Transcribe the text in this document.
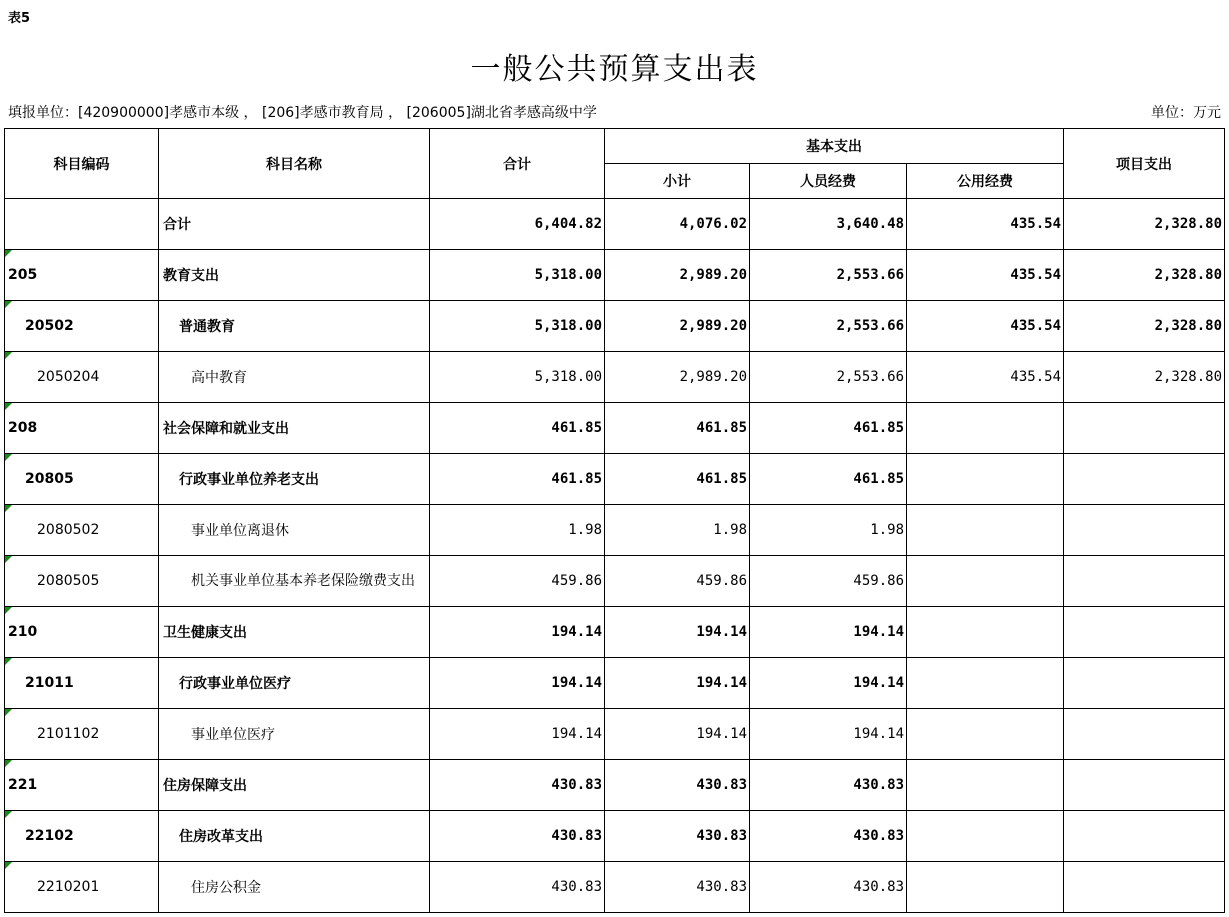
表5
一般公共预算支出表
填报单位：[420900000]孝感市本级 ， [206]孝感市教育局 ， [206005]湖北省孝感高级中学	单位：万元
科目编码	科目名称	合计	基本支出			项目支出
			小计	人员经费	公用经费	
	合计	6,404.82	4,076.02	3,640.48	435.54	2,328.80
205	教育支出	5,318.00	2,989.20	2,553.66	435.54	2,328.80
20502	普通教育	5,318.00	2,989.20	2,553.66	435.54	2,328.80
2050204	高中教育	5,318.00	2,989.20	2,553.66	435.54	2,328.80
208	社会保障和就业支出	461.85	461.85	461.85		
20805	行政事业单位养老支出	461.85	461.85	461.85		
2080502	事业单位离退休	1.98	1.98	1.98		
2080505	机关事业单位基本养老保险缴费支出	459.86	459.86	459.86		
210	卫生健康支出	194.14	194.14	194.14		
21011	行政事业单位医疗	194.14	194.14	194.14		
2101102	事业单位医疗	194.14	194.14	194.14		
221	住房保障支出	430.83	430.83	430.83		
22102	住房改革支出	430.83	430.83	430.83		
2210201	住房公积金	430.83	430.83	430.83		
